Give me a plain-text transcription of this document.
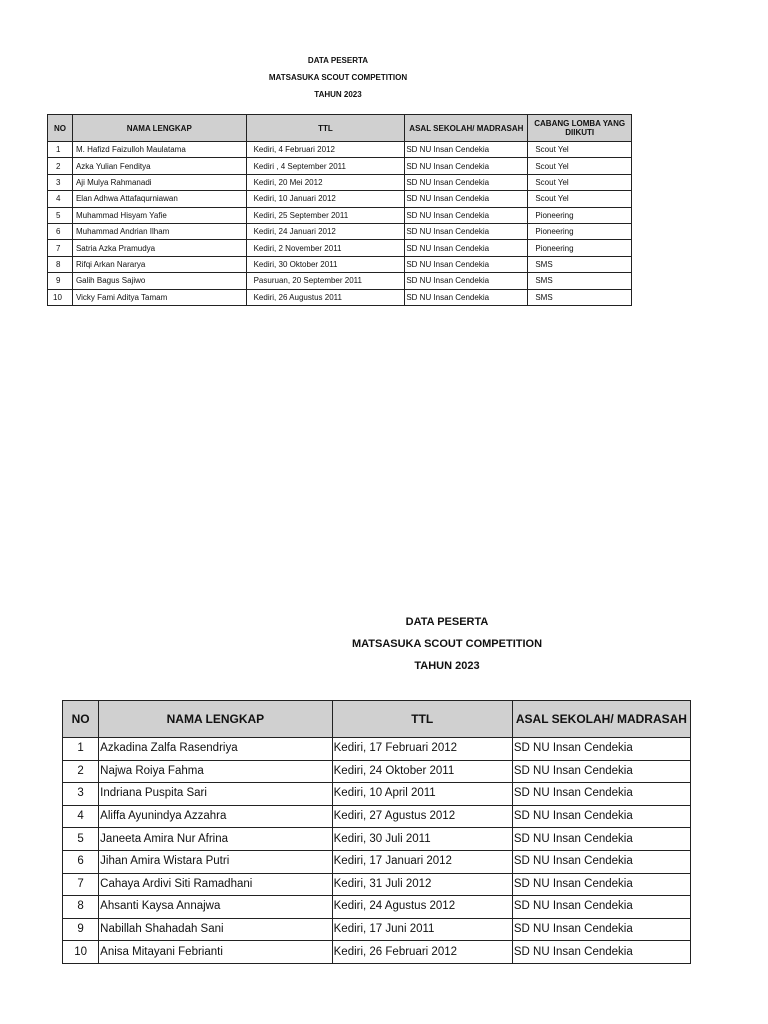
DATA PESERTA
MATSASUKA SCOUT COMPETITION
TAHUN 2023
NO	NAMA LENGKAP	TTL	ASAL SEKOLAH/ MADRASAH	CABANG LOMBA YANG DIIKUTI
1	M. Hafizd Faizulloh Maulatama	Kediri, 4 Februari 2012	SD NU Insan Cendekia	Scout Yel
2	Azka Yulian Fenditya	Kediri , 4 September 2011	SD NU Insan Cendekia	Scout Yel
3	Aji Mulya Rahmanadi	Kediri, 20 Mei 2012	SD NU Insan Cendekia	Scout Yel
4	Elan Adhwa Attafaqurniawan	Kediri, 10 Januari 2012	SD NU Insan Cendekia	Scout Yel
5	Muhammad Hisyam Yafie	Kediri, 25 September 2011	SD NU Insan Cendekia	Pioneering
6	Muhammad Andrian Ilham	Kediri, 24 Januari 2012	SD NU Insan Cendekia	Pioneering
7	Satria Azka Pramudya	Kediri, 2 November 2011	SD NU Insan Cendekia	Pioneering
8	Rifqi Arkan Nararya	Kediri, 30 Oktober 2011	SD NU Insan Cendekia	SMS
9	Galih Bagus Sajiwo	Pasuruan, 20 September 2011	SD NU Insan Cendekia	SMS
10	Vicky Fami Aditya Tamam	Kediri, 26 Augustus 2011	SD NU Insan Cendekia	SMS
DATA PESERTA
MATSASUKA SCOUT COMPETITION
TAHUN 2023
NO	NAMA LENGKAP	TTL	ASAL SEKOLAH/ MADRASAH
1	Azkadina Zalfa Rasendriya	Kediri, 17 Februari 2012	SD NU Insan Cendekia
2	Najwa Roiya Fahma	Kediri, 24 Oktober 2011	SD NU Insan Cendekia
3	Indriana Puspita Sari	Kediri, 10 April 2011	SD NU Insan Cendekia
4	Aliffa Ayunindya Azzahra	Kediri, 27 Agustus 2012	SD NU Insan Cendekia
5	Janeeta Amira Nur Afrina	Kediri, 30 Juli 2011	SD NU Insan Cendekia
6	Jihan Amira Wistara Putri	Kediri, 17 Januari 2012	SD NU Insan Cendekia
7	Cahaya Ardivi Siti Ramadhani	Kediri, 31 Juli 2012	SD NU Insan Cendekia
8	Ahsanti Kaysa Annajwa	Kediri, 24 Agustus 2012	SD NU Insan Cendekia
9	Nabillah Shahadah Sani	Kediri, 17 Juni 2011	SD NU Insan Cendekia
10	Anisa Mitayani Febrianti	Kediri, 26 Februari 2012	SD NU Insan Cendekia
